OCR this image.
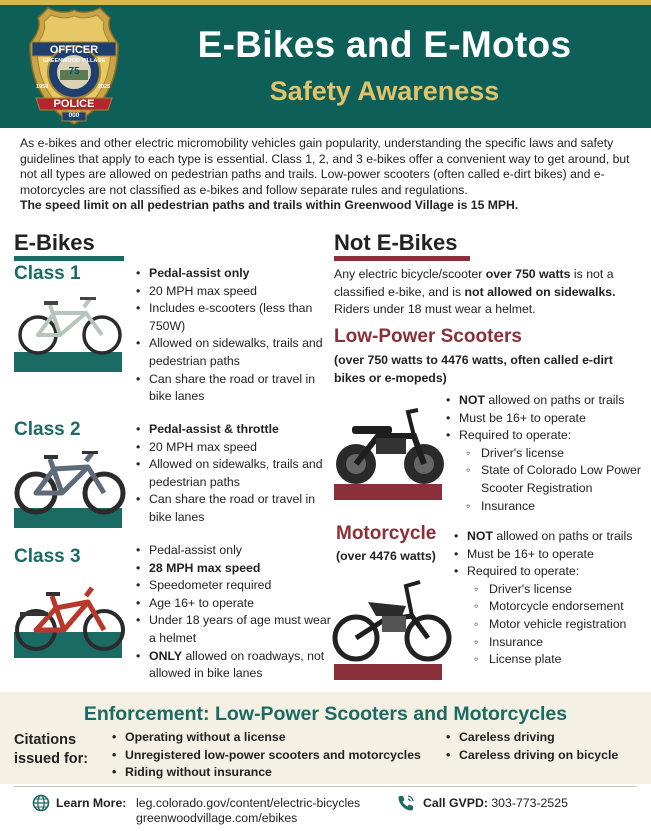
OFFICER
GREENWOOD VILLAGE
75
1950	2025
POLICE
000
E-Bikes and E-Motos
Safety Awareness
As e-bikes and other electric micromobility vehicles gain popularity, understanding the specific laws and safety guidelines that apply to each type is essential. Class 1, 2, and 3 e-bikes offer a convenient way to get around, but not all types are allowed on pedestrian paths and trails. Low-power scooters (often called e-dirt bikes) and e-motorcycles are not classified as e-bikes and follow separate rules and regulations.
The speed limit on all pedestrian paths and trails within Greenwood Village is 15 MPH.
E-Bikes
Class 1	• Pedal-assist only
• 20 MPH max speed
• Includes e-scooters (less than 750W)
• Allowed on sidewalks, trails and pedestrian paths
• Can share the road or travel in bike lanes
Class 2	• Pedal-assist & throttle
• 20 MPH max speed
• Allowed on sidewalks, trails and pedestrian paths
• Can share the road or travel in bike lanes
Class 3	• Pedal-assist only
• 28 MPH max speed
• Speedometer required
• Age 16+ to operate
• Under 18 years of age must wear a helmet
• ONLY allowed on roadways, not allowed in bike lanes
Not E-Bikes
Any electric bicycle/scooter over 750 watts is not a classified e-bike, and is not allowed on sidewalks. Riders under 18 must wear a helmet.
Low-Power Scooters
(over 750 watts to 4476 watts, often called e-dirt bikes or e-mopeds)
• NOT allowed on paths or trails
• Must be 16+ to operate
• Required to operate:
◦ Driver's license
◦ State of Colorado Low Power Scooter Registration
◦ Insurance
Motorcycle
(over 4476 watts)
• NOT allowed on paths or trails
• Must be 16+ to operate
• Required to operate:
◦ Driver's license
◦ Motorcycle endorsement
◦ Motor vehicle registration
◦ Insurance
◦ License plate
Enforcement: Low-Power Scooters and Motorcycles
Citations issued for:
• Operating without a license
• Unregistered low-power scooters and motorcycles
• Riding without insurance
• Careless driving
• Careless driving on bicycle
Learn More: leg.colorado.gov/content/electric-bicycles
greenwoodvillage.com/ebikes
Call GVPD: 303-773-2525
